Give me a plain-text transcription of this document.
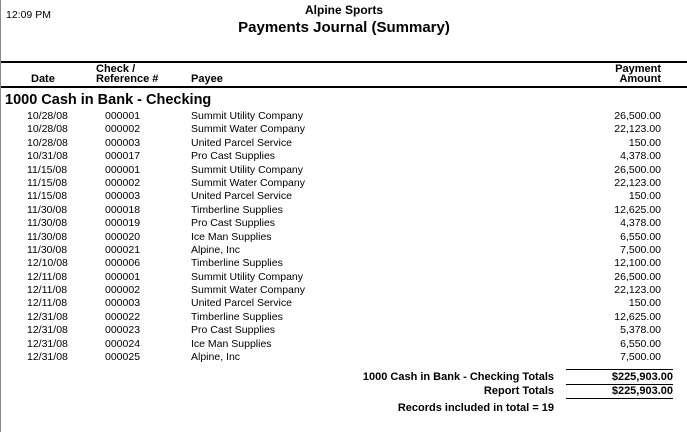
12:09 PM	Alpine Sports
Payments Journal (Summary)
Check /	Payment
Date	Reference #	Payee	Amount
1000 Cash in Bank - Checking
10/28/08	000001	Summit Utility Company	26,500.00
10/28/08	000002	Summit Water Company	22,123.00
10/28/08	000003	United Parcel Service	150.00
10/31/08	000017	Pro Cast Supplies	4,378.00
11/15/08	000001	Summit Utility Company	26,500.00
11/15/08	000002	Summit Water Company	22,123.00
11/15/08	000003	United Parcel Service	150.00
11/30/08	000018	Timberline Supplies	12,625.00
11/30/08	000019	Pro Cast Supplies	4,378.00
11/30/08	000020	Ice Man Supplies	6,550.00
11/30/08	000021	Alpine, Inc	7,500.00
12/10/08	000006	Timberline Supplies	12,100.00
12/11/08	000001	Summit Utility Company	26,500.00
12/11/08	000002	Summit Water Company	22,123.00
12/11/08	000003	United Parcel Service	150.00
12/31/08	000022	Timberline Supplies	12,625.00
12/31/08	000023	Pro Cast Supplies	5,378.00
12/31/08	000024	Ice Man Supplies	6,550.00
12/31/08	000025	Alpine, Inc	7,500.00
1000 Cash in Bank - Checking Totals	$225,903.00
Report Totals	$225,903.00
Records included in total = 19
